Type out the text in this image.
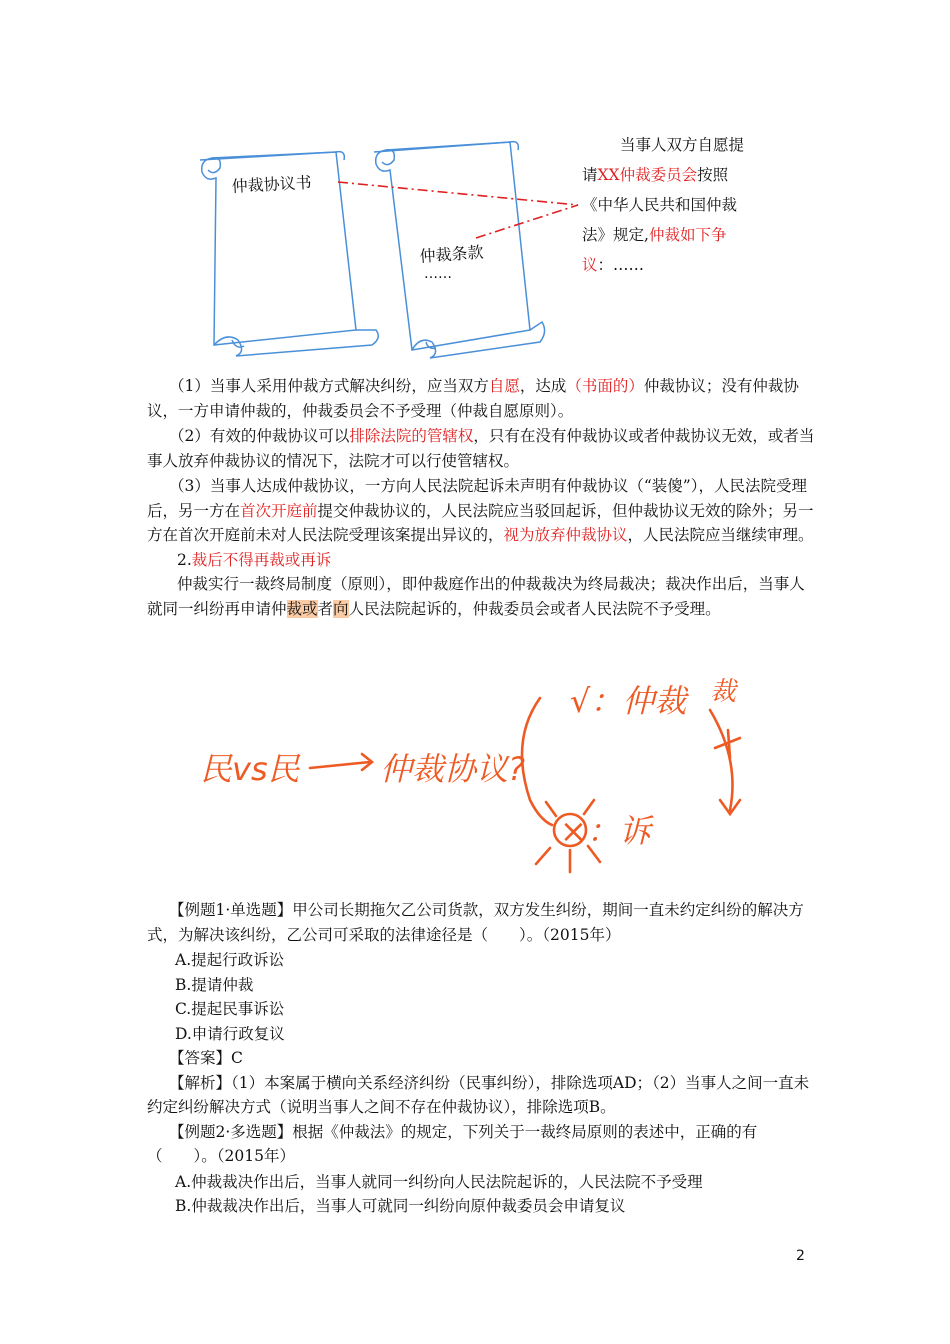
仲裁协议书
仲裁条款
……
当事人双方自愿提
请XX仲裁委员会按照
《中华人民共和国仲裁
法》规定,仲裁如下争
议：……

（1）当事人采用仲裁方式解决纠纷，应当双方自愿，达成（书面的）仲裁协议；没有仲裁协议，一方申请仲裁的，仲裁委员会不予受理（仲裁自愿原则）。

（2）有效的仲裁协议可以排除法院的管辖权，只有在没有仲裁协议或者仲裁协议无效，或者当事人放弃仲裁协议的情况下，法院才可以行使管辖权。

（3）当事人达成仲裁协议，一方向人民法院起诉未声明有仲裁协议（“装傻”），人民法院受理后，另一方在首次开庭前提交仲裁协议的，人民法院应当驳回起诉，但仲裁协议无效的除外；另一方在首次开庭前未对人民法院受理该案提出异议的，视为放弃仲裁协议，人民法院应当继续审理。

2.裁后不得再裁或再诉

仲裁实行一裁终局制度（原则），即仲裁庭作出的仲裁裁决为终局裁决；裁决作出后，当事人就同一纠纷再申请仲裁或者向人民法院起诉的，仲裁委员会或者人民法院不予受理。

民vs民	仲裁协议?
√：仲裁 裁
×：诉

【例题1·单选题】甲公司长期拖欠乙公司货款，双方发生纠纷，期间一直未约定纠纷的解决方式，为解决该纠纷，乙公司可采取的法律途径是（　　）。（2015年）

A.提起行政诉讼

B.提请仲裁

C.提起民事诉讼

D.申请行政复议

【答案】C

【解析】（1）本案属于横向关系经济纠纷（民事纠纷），排除选项AD；（2）当事人之间一直未约定纠纷解决方式（说明当事人之间不存在仲裁协议），排除选项B。

【例题2·多选题】根据《仲裁法》的规定，下列关于一裁终局原则的表述中，正确的有（　　）。（2015年）

A.仲裁裁决作出后，当事人就同一纠纷向人民法院起诉的，人民法院不予受理

B.仲裁裁决作出后，当事人可就同一纠纷向原仲裁委员会申请复议

2
